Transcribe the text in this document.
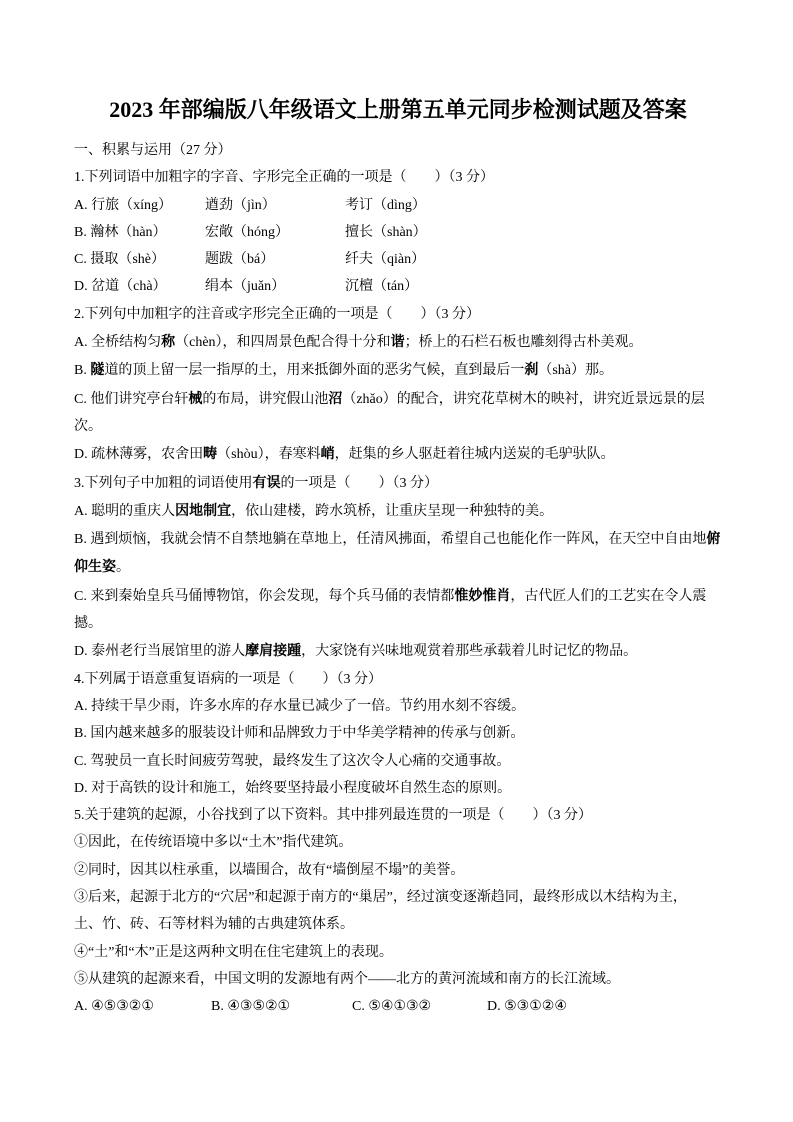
2023 年部编版八年级语文上册第五单元同步检测试题及答案
一、积累与运用（27 分）
1.下列词语中加粗字的字音、字形完全正确的一项是（　　）（3 分）
A. 行旅（xíng）	遒劲（jìn）	考订（dìng）
B. 瀚林（hàn）	宏敞（hóng）	擅长（shàn）
C. 摄取（shè）	题跋（bá）	纤夫（qiàn）
D. 岔道（chà）	绢本（juǎn）	沉檀（tán）
2.下列句中加粗字的注音或字形完全正确的一项是（　　）（3 分）
A. 全桥结构匀称（chèn），和四周景色配合得十分和谐；桥上的石栏石板也雕刻得古朴美观。
B. 隧道的顶上留一层一指厚的土，用来抵御外面的恶劣气候，直到最后一刹（shà）那。
C. 他们讲究亭台轩械的布局，讲究假山池沼（zhǎo）的配合，讲究花草树木的映衬，讲究近景远景的层
次。
D. 疏林薄雾，农舍田畴（shòu），春寒料峭，赶集的乡人驱赶着往城内送炭的毛驴驮队。
3.下列句子中加粗的词语使用有误的一项是（　　）（3 分）
A. 聪明的重庆人因地制宜，依山建楼，跨水筑桥，让重庆呈现一种独特的美。
B. 遇到烦恼，我就会情不自禁地躺在草地上，任清风拂面，希望自己也能化作一阵风，在天空中自由地俯
仰生姿。
C. 来到秦始皇兵马俑博物馆，你会发现，每个兵马俑的表情都惟妙惟肖，古代匠人们的工艺实在令人震
撼。
D. 泰州老行当展馆里的游人摩肩接踵，大家饶有兴味地观赏着那些承载着儿时记忆的物品。
4.下列属于语意重复语病的一项是（　　）（3 分）
A. 持续干旱少雨，许多水库的存水量已减少了一倍。节约用水刻不容缓。
B. 国内越来越多的服装设计师和品牌致力于中华美学精神的传承与创新。
C. 驾驶员一直长时间疲劳驾驶，最终发生了这次令人心痛的交通事故。
D. 对于高铁的设计和施工，始终要坚持最小程度破坏自然生态的原则。
5.关于建筑的起源，小谷找到了以下资料。其中排列最连贯的一项是（　　）（3 分）
①因此，在传统语境中多以“土木”指代建筑。
②同时，因其以柱承重，以墙围合，故有“墙倒屋不塌”的美誉。
③后来，起源于北方的“穴居”和起源于南方的“巢居”，经过演变逐渐趋同，最终形成以木结构为主，
土、竹、砖、石等材料为辅的古典建筑体系。
④“土”和“木”正是这两种文明在住宅建筑上的表现。
⑤从建筑的起源来看，中国文明的发源地有两个——北方的黄河流域和南方的长江流域。
A. ④⑤③②①	B. ④③⑤②①	C. ⑤④①③②	D. ⑤③①②④
